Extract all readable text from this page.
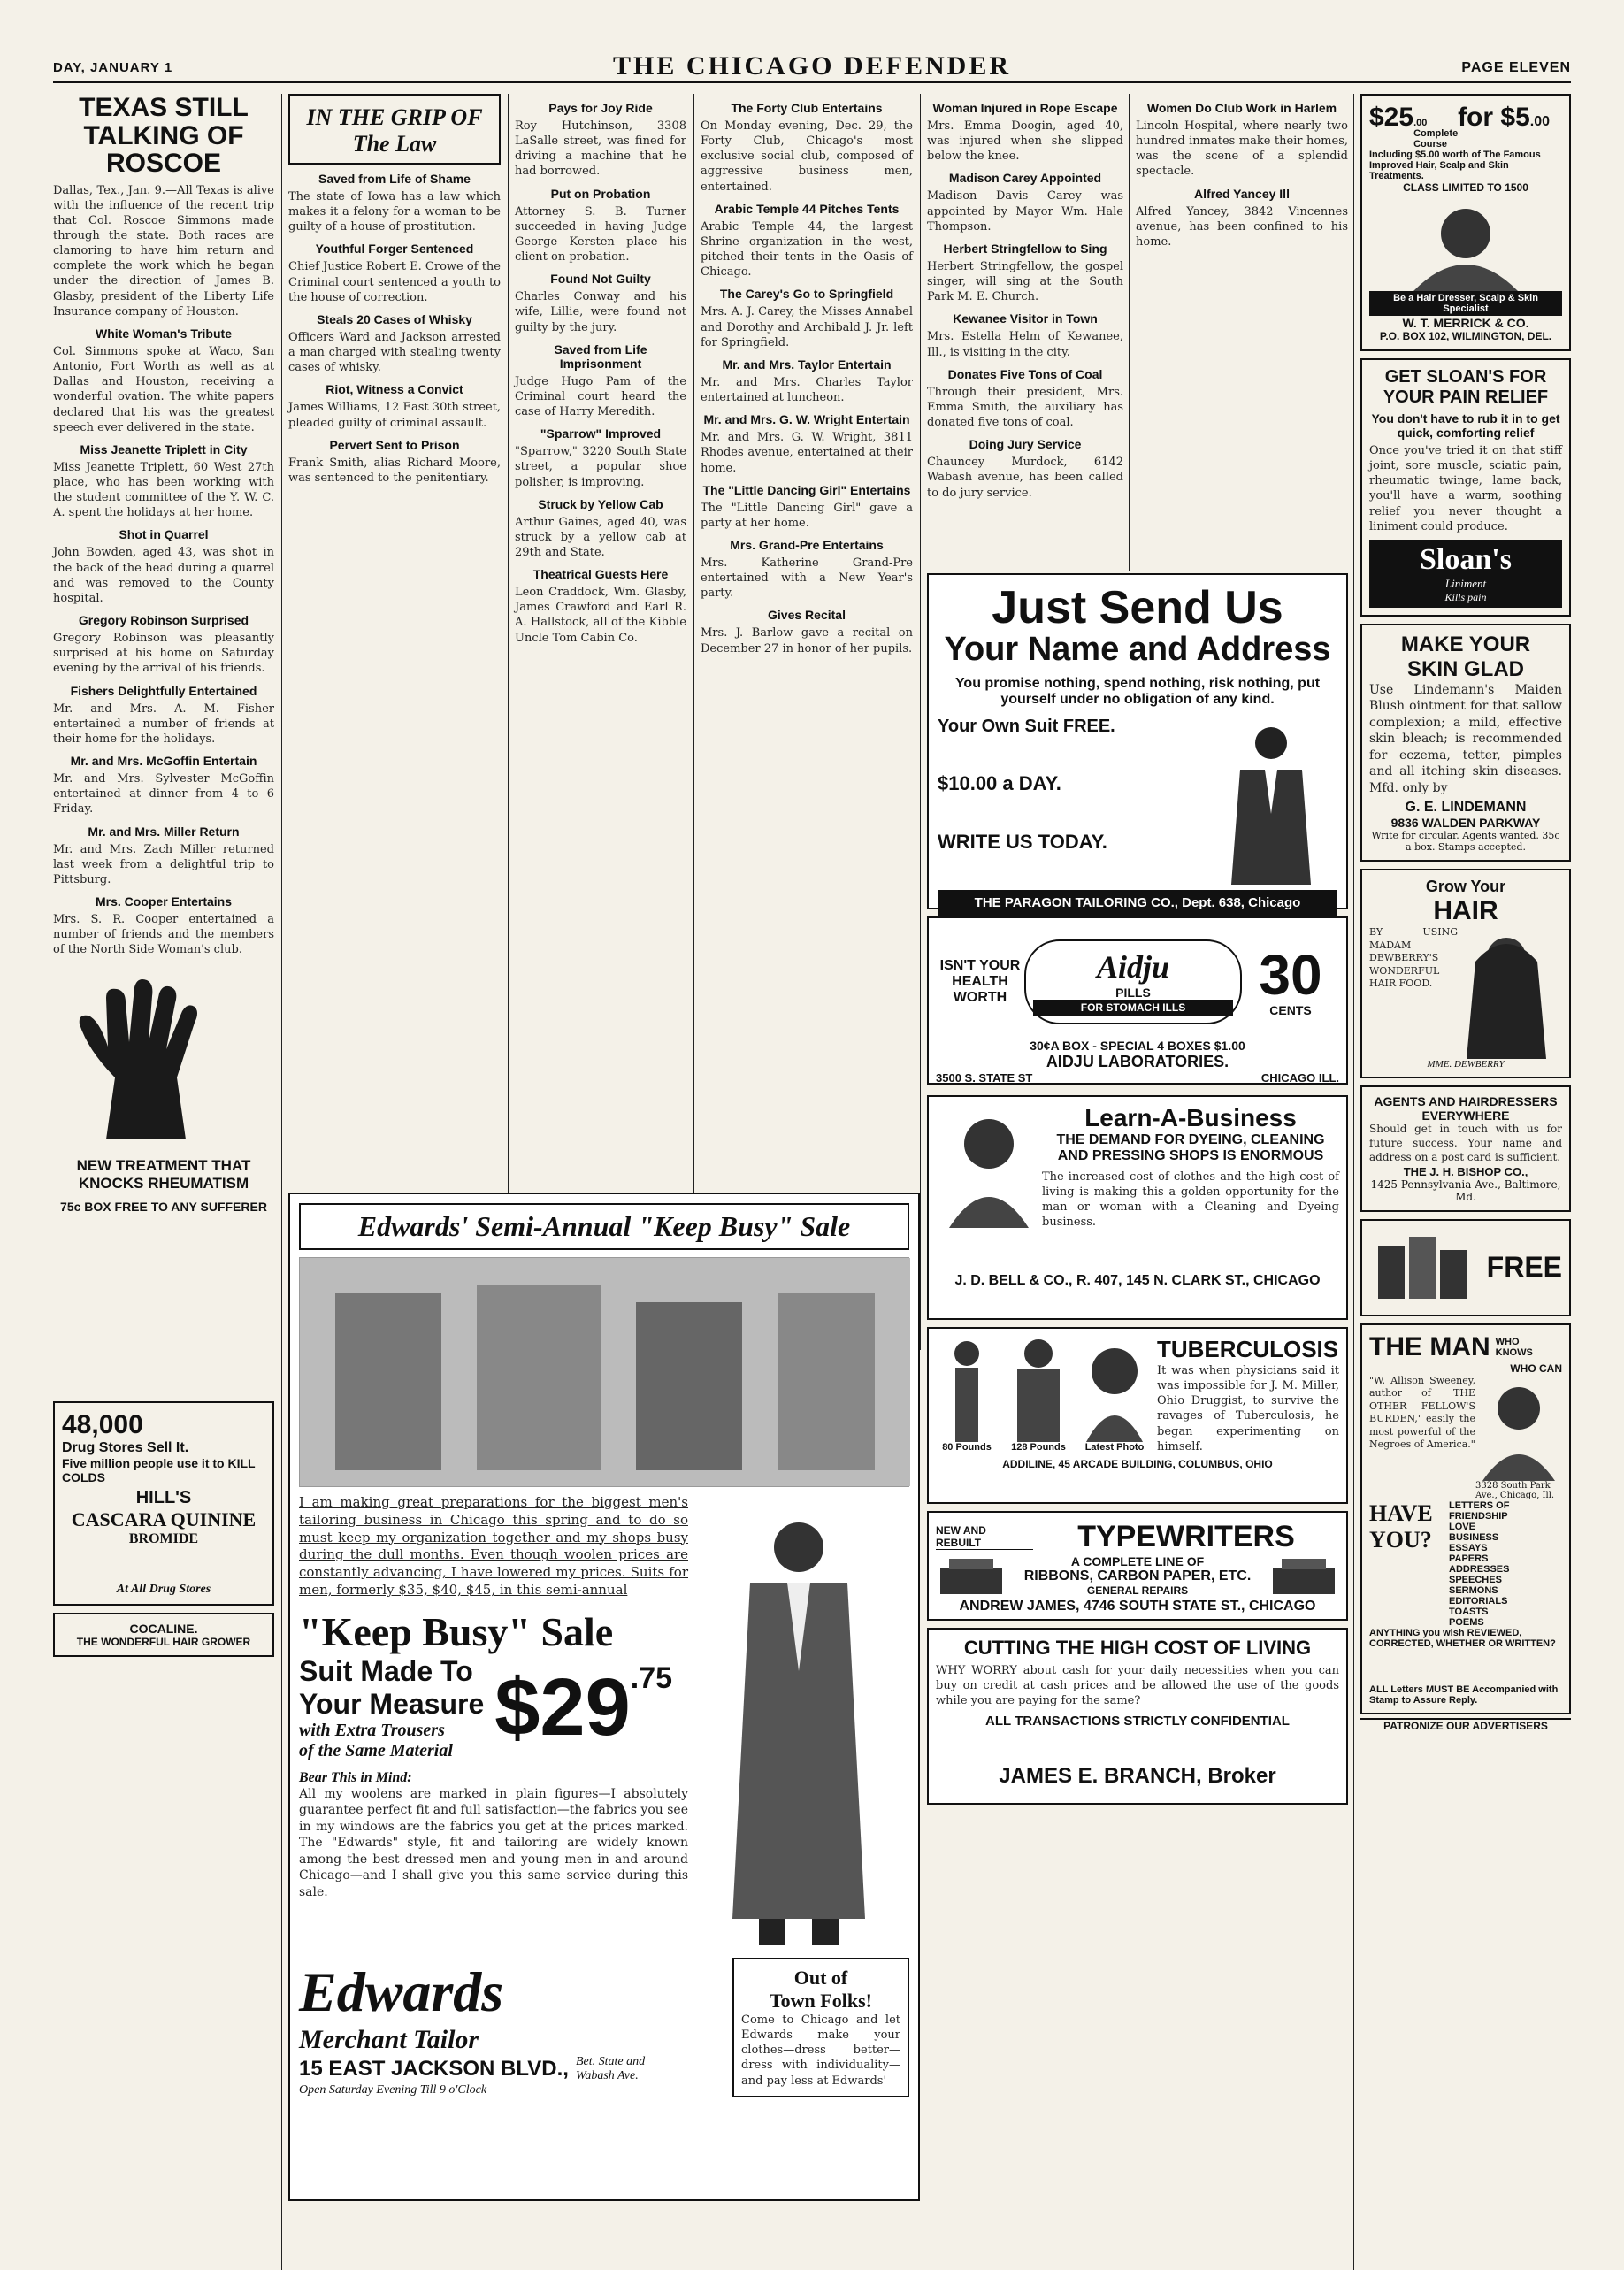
DAY, JANUARY 1	THE CHICAGO DEFENDER	PAGE ELEVEN
TEXAS STILL TALKING OF ROSCOE
Dallas, Tex., Jan. 9.—All Texas is alive with the influence of the recent trip that Col. Roscoe Simmons made through the state. Both races are clamoring to have him return and complete the work which he began under the direction of James B. Glasby, president of the Liberty Life Insurance company of Houston.
White Woman's Tribute
Col. Simmons spoke at Waco, San Antonio, Fort Worth as well as at Dallas and Houston, receiving a wonderful ovation. The white papers declared that his was the greatest speech ever delivered in the state.
Miss Jeanette Triplett in City
Miss Jeanette Triplett, 60 West 27th place, who has been working with the student committee of the Y. W. C. A. spent the holidays at her home.
Shot in Quarrel
John Bowden, aged 43, was shot in the back of the head during a quarrel and was removed to the County hospital.
Gregory Robinson Surprised
Gregory Robinson was pleasantly surprised at his home on Saturday evening by the arrival of his friends.
Fishers Delightfully Entertained
Mr. and Mrs. A. M. Fisher entertained a number of friends at their home for the holidays.
Mr. and Mrs. McGoffin Entertain
Mr. and Mrs. Sylvester McGoffin entertained at dinner from 4 to 6 Friday.
Mr. and Mrs. Miller Return
Mr. and Mrs. Zach Miller returned last week from a delightful trip to Pittsburg.
Mrs. Cooper Entertains
Mrs. S. R. Cooper entertained a number of friends and the members of the North Side Woman's club.
NEW TREATMENT THAT KNOCKS RHEUMATISM
75c BOX FREE TO ANY SUFFERER
48,000
Drug Stores Sell It.
Five million people use it to KILL COLDS
HILL'S
CASCARA QUININE
BROMIDE
At All Drug Stores
COCALINE.
THE WONDERFUL HAIR GROWER
IN THE GRIP OF The Law
Saved from Life of Shame
The state of Iowa has a law which makes it a felony for a woman to be guilty of a house of prostitution.
Youthful Forger Sentenced
Chief Justice Robert E. Crowe of the Criminal court sentenced a youth to the house of correction.
Steals 20 Cases of Whisky
Officers Ward and Jackson arrested a man charged with stealing twenty cases of whisky.
Riot, Witness a Convict
James Williams, 12 East 30th street, pleaded guilty of criminal assault.
Pervert Sent to Prison
Frank Smith, alias Richard Moore, was sentenced to the penitentiary.
Pays for Joy Ride
Roy Hutchinson, 3308 LaSalle street, was fined for driving a machine that he had borrowed.
Put on Probation
Attorney S. B. Turner succeeded in having Judge George Kersten place his client on probation.
Found Not Guilty
Charles Conway and his wife, Lillie, were found not guilty by the jury.
Saved from Life Imprisonment
Judge Hugo Pam of the Criminal court heard the case of Harry Meredith.
"Sparrow" Improved
"Sparrow," 3220 South State street, a popular shoe polisher, is improving.
Struck by Yellow Cab
Arthur Gaines, aged 40, was struck by a yellow cab at 29th and State.
Theatrical Guests Here
Leon Craddock, Wm. Glasby, James Crawford and Earl R. A. Hallstock, all of the Kibble Uncle Tom Cabin Co.
The Forty Club Entertains
On Monday evening, Dec. 29, the Forty Club, Chicago's most exclusive social club, composed of aggressive business men, entertained.
Arabic Temple 44 Pitches Tents
Arabic Temple 44, the largest Shrine organization in the west, pitched their tents in the Oasis of Chicago.
The Carey's Go to Springfield
Mrs. A. J. Carey, the Misses Annabel and Dorothy and Archibald J. Jr. left for Springfield.
Mr. and Mrs. Taylor Entertain
Mr. and Mrs. Charles Taylor entertained at luncheon.
Mr. and Mrs. G. W. Wright Entertain
Mr. and Mrs. G. W. Wright, 3811 Rhodes avenue, entertained at their home.
The "Little Dancing Girl" Entertains
The "Little Dancing Girl" gave a party at her home.
Mrs. Grand-Pre Entertains
Mrs. Katherine Grand-Pre entertained with a New Year's party.
Gives Recital
Mrs. J. Barlow gave a recital on December 27 in honor of her pupils.
Woman Injured in Rope Escape
Mrs. Emma Doogin, aged 40, was injured when she slipped below the knee.
Madison Carey Appointed
Madison Davis Carey was appointed by Mayor Wm. Hale Thompson.
Herbert Stringfellow to Sing
Herbert Stringfellow, the gospel singer, will sing at the South Park M. E. Church.
Kewanee Visitor in Town
Mrs. Estella Helm of Kewanee, Ill., is visiting in the city.
Donates Five Tons of Coal
Through their president, Mrs. Emma Smith, the auxiliary has donated five tons of coal.
Doing Jury Service
Chauncey Murdock, 6142 Wabash avenue, has been called to do jury service.
Women Do Club Work in Harlem
Lincoln Hospital, where nearly two hundred inmates make their homes, was the scene of a splendid spectacle.
Alfred Yancey Ill
Alfred Yancey, 3842 Vincennes avenue, has been confined to his home.
Just Send Us
Your Name and Address
You promise nothing, spend nothing, risk nothing, put yourself under no obligation of any kind.
Your Own Suit FREE.
$10.00 a DAY.
WRITE US TODAY.
THE PARAGON TAILORING CO., Dept. 638, Chicago
ISN'T YOUR HEALTH WORTH
Aidju
PILLS
FOR STOMACH ILLS
30
CENTS
30¢A BOX - SPECIAL 4 BOXES $1.00
AIDJU LABORATORIES.
3500 S. STATE ST	CHICAGO ILL.
Edwards' Semi-Annual "Keep Busy" Sale
I am making great preparations for the biggest men's tailoring business in Chicago this spring and to do so must keep my organization together and my shops busy during the dull months. Even though woolen prices are constantly advancing, I have lowered my prices. Suits for men, formerly $35, $40, $45, in this semi-annual
"Keep Busy" Sale
Suit Made To
Your Measure
with Extra Trousers
of the Same Material $29.75
Bear This in Mind:
All my woolens are marked in plain figures—I absolutely guarantee perfect fit and full satisfaction—the fabrics you see in my windows are the fabrics you get at the prices marked. The "Edwards" style, fit and tailoring are widely known among the best dressed men and young men in and around Chicago—and I shall give you this same service during this sale.
Edwards
Merchant Tailor
15 EAST JACKSON BLVD., Bet. State and Wabash Ave.
Open Saturday Evening Till 9 o'Clock
Out of
Town Folks!
Come to Chicago and let Edwards make your clothes—dress better—dress with individuality—and pay less at Edwards'
Learn-A-Business
THE DEMAND FOR DYEING, CLEANING AND PRESSING SHOPS IS ENORMOUS
The increased cost of clothes and the high cost of living is making this a golden opportunity for the man or woman with a Cleaning and Dyeing business.
J. D. BELL & CO., R. 407, 145 N. CLARK ST., CHICAGO
80 Pounds	128 Pounds	Latest Photo
TUBERCULOSIS
It was when physicians said it was impossible for J. M. Miller, Ohio Druggist, to survive the ravages of Tuberculosis, he began experimenting on himself.
ADDILINE, 45 ARCADE BUILDING, COLUMBUS, OHIO
NEW AND REBUILT	TYPEWRITERS
A COMPLETE LINE OF
RIBBONS, CARBON PAPER, ETC.
GENERAL REPAIRS
ANDREW JAMES, 4746 SOUTH STATE ST., CHICAGO
CUTTING THE HIGH COST OF LIVING
WHY WORRY about cash for your daily necessities when you can buy on credit at cash prices and be allowed the use of the goods while you are paying for the same?
ALL TRANSACTIONS STRICTLY CONFIDENTIAL
JAMES E. BRANCH, Broker
$25 .00 Complete Course
for $5 .00
Including $5.00 worth of The Famous Improved Hair, Scalp and Skin Treatments.
CLASS LIMITED TO 1500
Be a Hair Dresser, Scalp & Skin Specialist
W. T. MERRICK & CO.
P.O. BOX 102, WILMINGTON, DEL.
GET SLOAN'S FOR
YOUR PAIN RELIEF
You don't have to rub it in to get quick, comforting relief
Once you've tried it on that stiff joint, sore muscle, sciatic pain, rheumatic twinge, lame back, you'll have a warm, soothing relief you never thought a liniment could produce.
Sloan's
Liniment
Kills pain
MAKE YOUR
SKIN GLAD
Use Lindemann's Maiden Blush ointment for that sallow complexion; a mild, effective skin bleach; is recommended for eczema, tetter, pimples and all itching skin diseases. Mfd. only by
G. E. LINDEMANN
9836 WALDEN PARKWAY
Write for circular. Agents wanted. 35c a box. Stamps accepted.
Grow Your
HAIR
BY USING MADAM DEWBERRY'S WONDERFUL HAIR FOOD.
MME. DEWBERRY
AGENTS AND HAIRDRESSERS
EVERYWHERE
Should get in touch with us for future success. Your name and address on a post card is sufficient.
THE J. H. BISHOP CO.,
1425 Pennsylvania Ave., Baltimore, Md.
FREE
THE MAN WHO KNOWS
WHO CAN
"W. Allison Sweeney, author of 'THE OTHER FELLOW'S BURDEN,' easily the most powerful of the Negroes of America."
3328 South Park Ave., Chicago, Ill.
HAVE YOU?
LETTERS OF FRIENDSHIP
LOVE
BUSINESS
ESSAYS
PAPERS
ADDRESSES
SPEECHES
SERMONS
EDITORIALS
TOASTS
POEMS
ANYTHING you wish REVIEWED, CORRECTED, WHETHER OR WRITTEN?
ALL Letters MUST BE Accompanied with Stamp to Assure Reply.
PATRONIZE OUR ADVERTISERS
